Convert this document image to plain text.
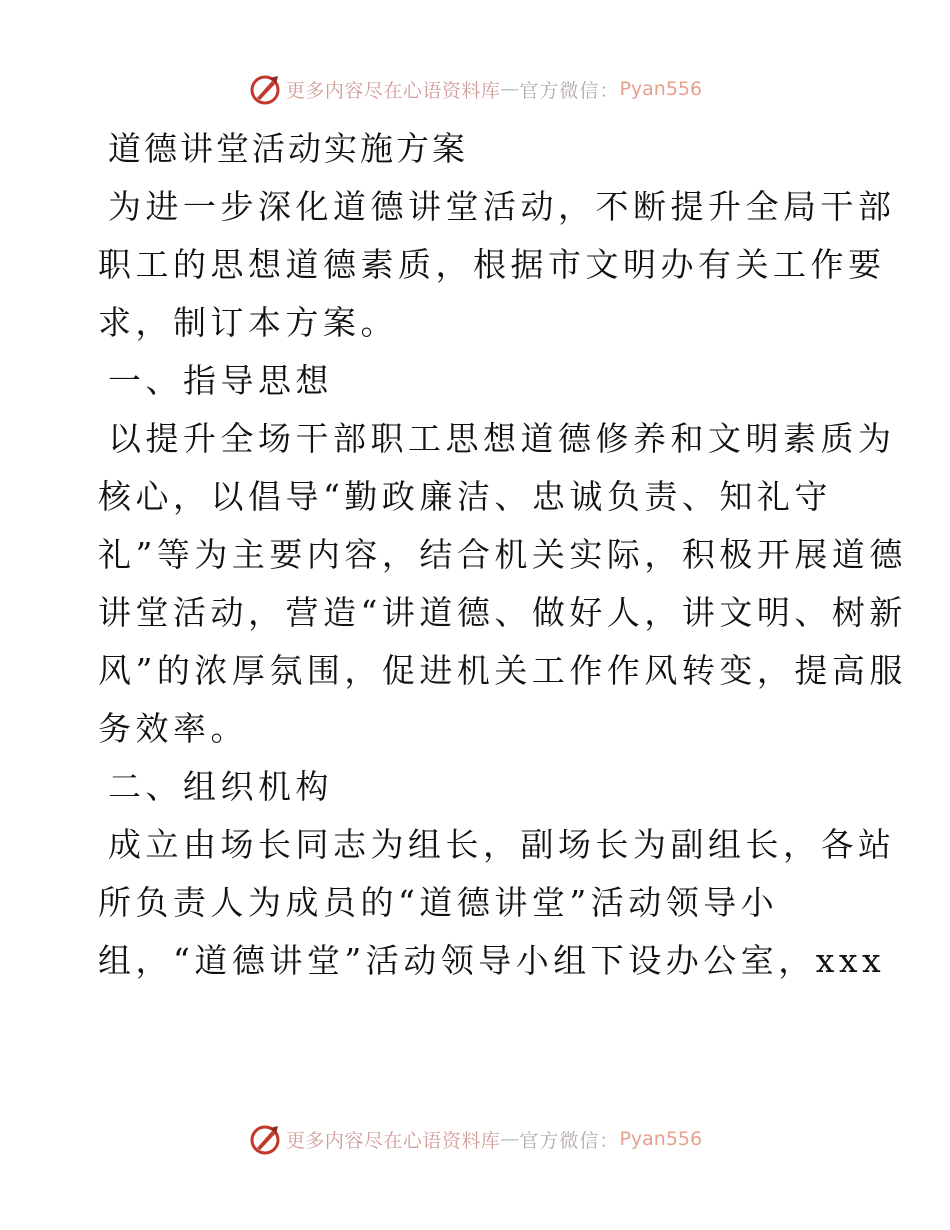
更多内容尽在心语资料库 — 官方微信： Pyan556
道德讲堂活动实施方案
为进一步深化道德讲堂活动，不断提升全局干部
职工的思想道德素质，根据市文明办有关工作要
求，制订本方案。
一、指导思想
以提升全场干部职工思想道德修养和文明素质为
核心，以倡导“勤政廉洁、忠诚负责、知礼守
礼”等为主要内容，结合机关实际，积极开展道德
讲堂活动，营造“讲道德、做好人，讲文明、树新
风”的浓厚氛围，促进机关工作作风转变，提高服
务效率。
二、组织机构
成立由场长同志为组长，副场长为副组长，各站
所负责人为成员的“道德讲堂”活动领导小
组，“道德讲堂”活动领导小组下设办公室，xxx
更多内容尽在心语资料库 — 官方微信： Pyan556
